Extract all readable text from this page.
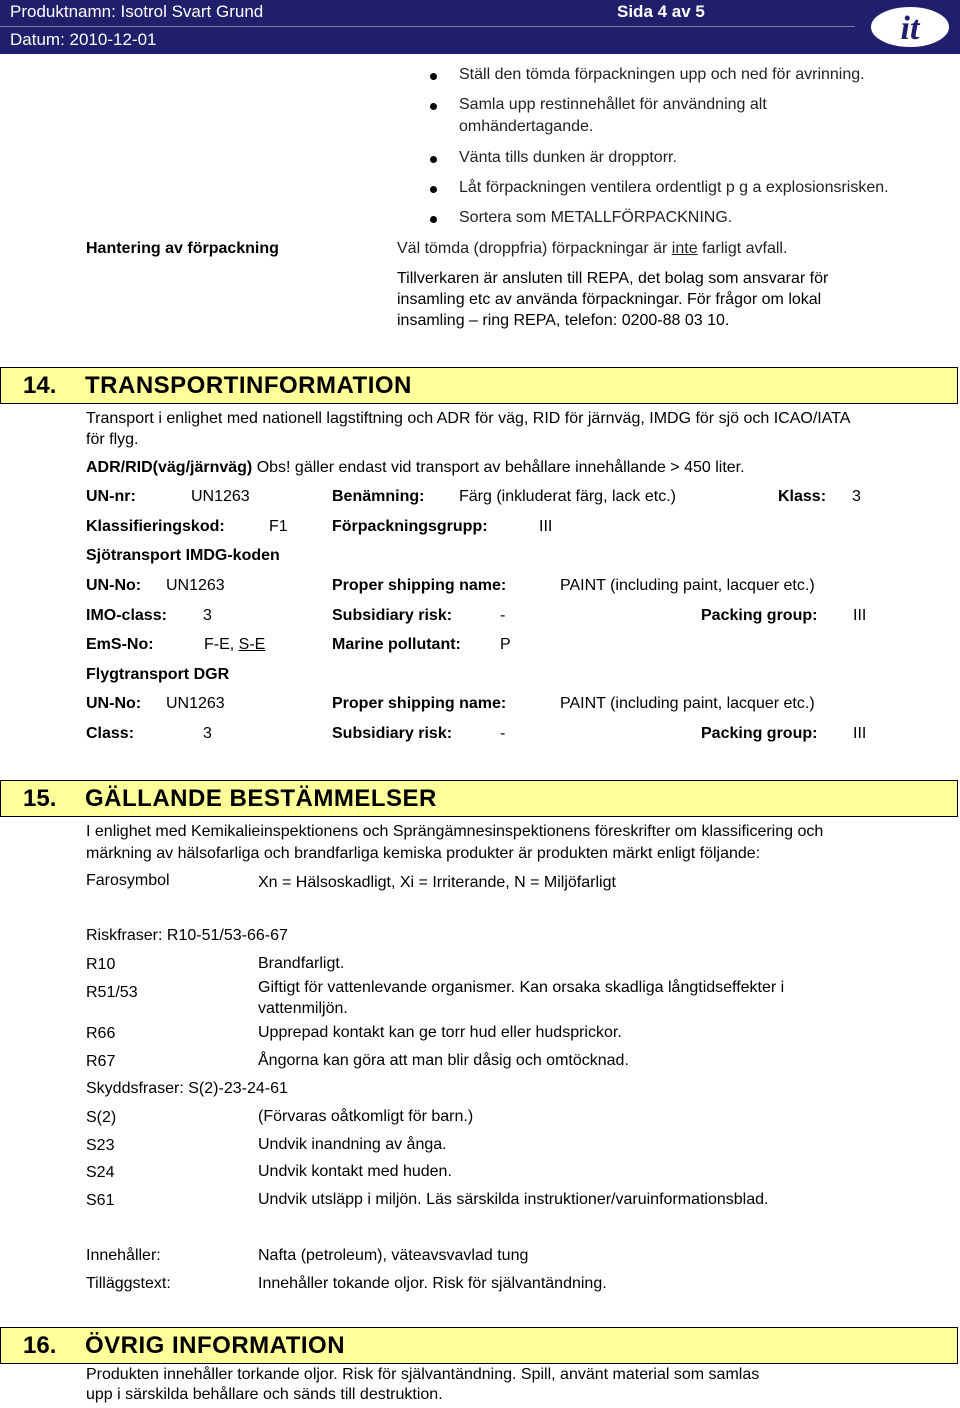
Produktnamn: Isotrol Svart Grund
Datum: 2010-12-01
Sida 4 av 5	it
Ställ den tömda förpackningen upp och ned för avrinning.
Samla upp restinnehållet för användning alt
omhändertagande.
Vänta tills dunken är dropptorr.
Låt förpackningen ventilera ordentligt p g a explosionsrisken.
Sortera som METALLFÖRPACKNING.
Hantering av förpackning	Väl tömda (droppfria) förpackningar är inte farligt avfall.
Tillverkaren är ansluten till REPA, det bolag som ansvarar för
insamling etc av använda förpackningar. För frågor om lokal
insamling – ring REPA, telefon: 0200-88 03 10.
14. TRANSPORTINFORMATION
Transport i enlighet med nationell lagstiftning och ADR för väg, RID för järnväg, IMDG för sjö och ICAO/IATA
för flyg.
ADR/RID(väg/järnväg) Obs! gäller endast vid transport av behållare innehållande > 450 liter.
UN-nr:	UN1263	Benämning: Färg (inkluderat färg, lack etc.)	Klass: 3
Klassifieringskod:	F1	Förpackningsgrupp:	III
Sjötransport IMDG-koden
UN-No: UN1263	Proper shipping name:	PAINT (including paint, lacquer etc.)
IMO-class: 3	Subsidiary risk:	-	Packing group: III
EmS-No:	F-E, S-E	Marine pollutant: P
Flygtransport DGR
UN-No: UN1263	Proper shipping name:	PAINT (including paint, lacquer etc.)
Class:	3	Subsidiary risk:	-	Packing group: III
15. GÄLLANDE BESTÄMMELSER
I enlighet med Kemikalieinspektionens och Sprängämnesinspektionens föreskrifter om klassificering och
märkning av hälsofarliga och brandfarliga kemiska produkter är produkten märkt enligt följande:
Farosymbol	Xn = Hälsoskadligt, Xi = Irriterande, N = Miljöfarligt
Riskfraser: R10-51/53-66-67
R10	Brandfarligt.
R51/53	Giftigt för vattenlevande organismer. Kan orsaka skadliga långtidseffekter i
vattenmiljön.
R66	Upprepad kontakt kan ge torr hud eller hudsprickor.
R67	Ångorna kan göra att man blir dåsig och omtöcknad.
Skyddsfraser: S(2)-23-24-61
S(2)	(Förvaras oåtkomligt för barn.)
S23	Undvik inandning av ånga.
S24	Undvik kontakt med huden.
S61	Undvik utsläpp i miljön. Läs särskilda instruktioner/varuinformationsblad.
Innehåller:	Nafta (petroleum), väteavsvavlad tung
Tilläggstext:	Innehåller tokande oljor. Risk för självantändning.
16. ÖVRIG INFORMATION
Produkten innehåller torkande oljor. Risk för självantändning. Spill, använt material som samlas
upp i särskilda behållare och sänds till destruktion.
